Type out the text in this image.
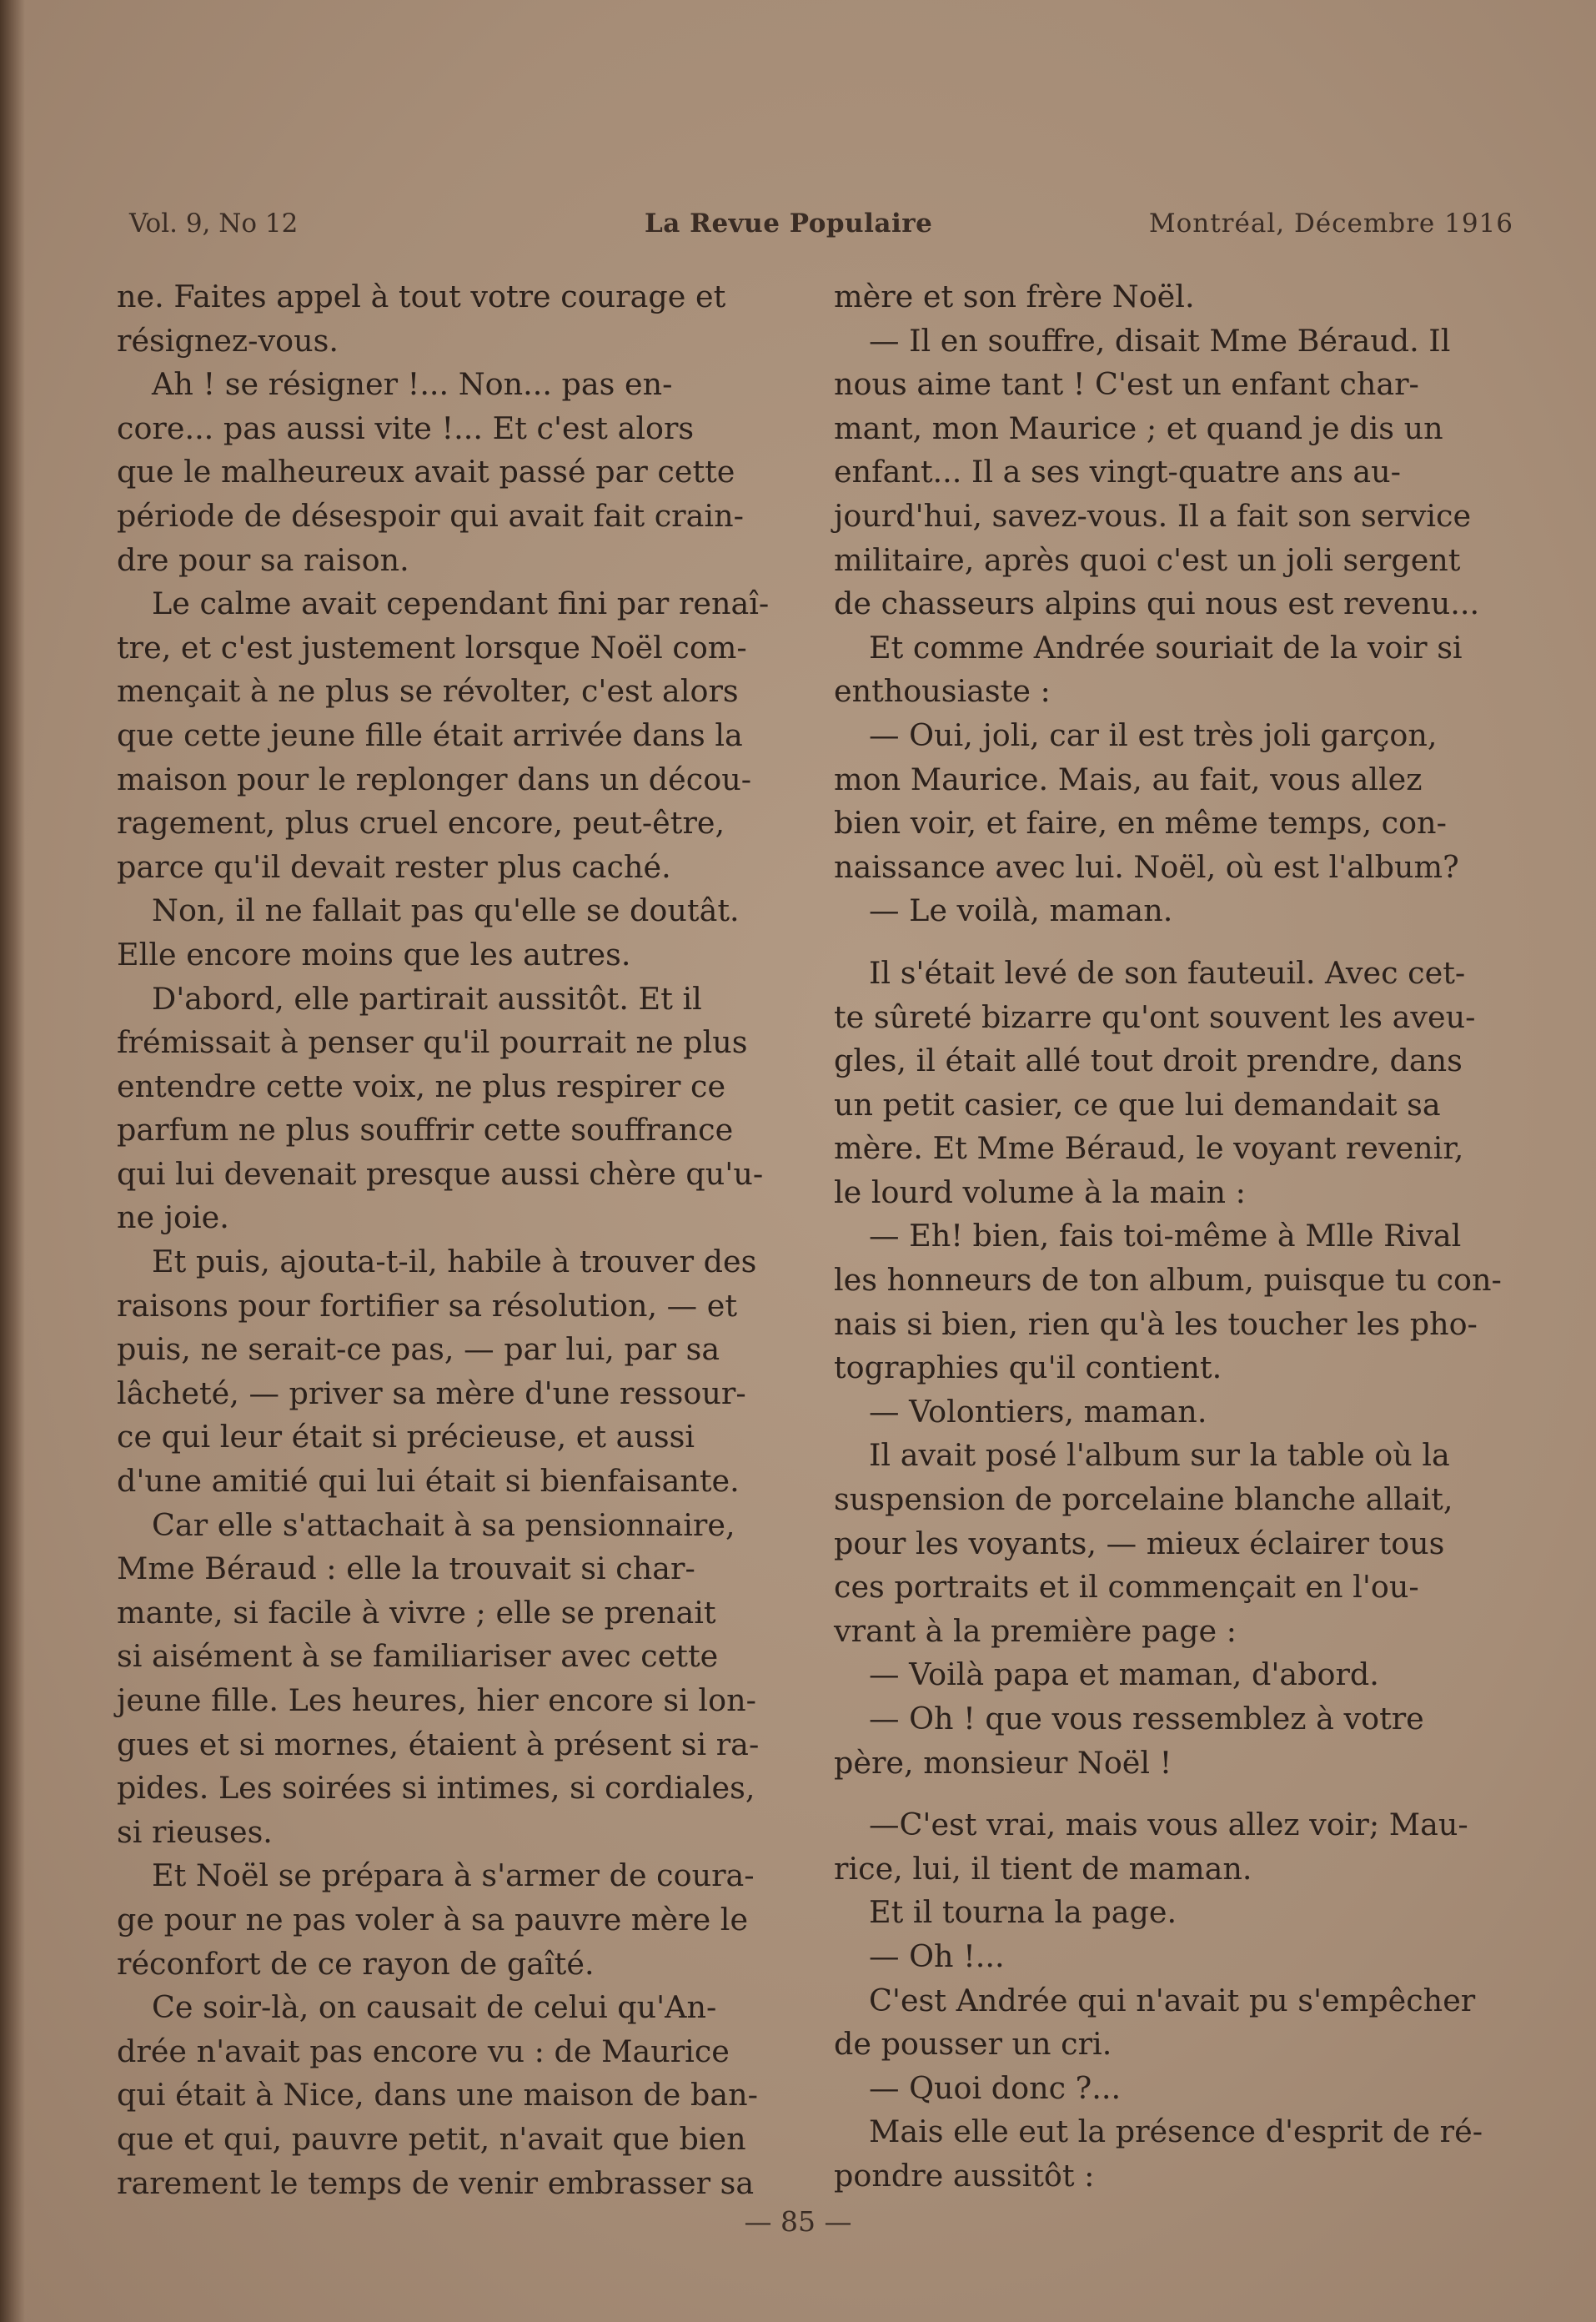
Vol. 9, No 12	La Revue Populaire	Montréal, Décembre 1916
ne. Faites appel à tout votre courage et
résignez-vous.
Ah ! se résigner !... Non... pas en-
core... pas aussi vite !... Et c'est alors
que le malheureux avait passé par cette
période de désespoir qui avait fait crain-
dre pour sa raison.
Le calme avait cependant fini par renaî-
tre, et c'est justement lorsque Noël com-
mençait à ne plus se révolter, c'est alors
que cette jeune fille était arrivée dans la
maison pour le replonger dans un décou-
ragement, plus cruel encore, peut-être,
parce qu'il devait rester plus caché.
Non, il ne fallait pas qu'elle se doutât.
Elle encore moins que les autres.
D'abord, elle partirait aussitôt. Et il
frémissait à penser qu'il pourrait ne plus
entendre cette voix, ne plus respirer ce
parfum ne plus souffrir cette souffrance
qui lui devenait presque aussi chère qu'u-
ne joie.
Et puis, ajouta-t-il, habile à trouver des
raisons pour fortifier sa résolution, — et
puis, ne serait-ce pas, — par lui, par sa
lâcheté, — priver sa mère d'une ressour-
ce qui leur était si précieuse, et aussi
d'une amitié qui lui était si bienfaisante.
Car elle s'attachait à sa pensionnaire,
Mme Béraud : elle la trouvait si char-
mante, si facile à vivre ; elle se prenait
si aisément à se familiariser avec cette
jeune fille. Les heures, hier encore si lon-
gues et si mornes, étaient à présent si ra-
pides. Les soirées si intimes, si cordiales,
si rieuses.
Et Noël se prépara à s'armer de coura-
ge pour ne pas voler à sa pauvre mère le
réconfort de ce rayon de gaîté.
Ce soir-là, on causait de celui qu'An-
drée n'avait pas encore vu : de Maurice
qui était à Nice, dans une maison de ban-
que et qui, pauvre petit, n'avait que bien
rarement le temps de venir embrasser sa
mère et son frère Noël.
— Il en souffre, disait Mme Béraud. Il
nous aime tant ! C'est un enfant char-
mant, mon Maurice ; et quand je dis un
enfant... Il a ses vingt-quatre ans au-
jourd'hui, savez-vous. Il a fait son service
militaire, après quoi c'est un joli sergent
de chasseurs alpins qui nous est revenu...
Et comme Andrée souriait de la voir si
enthousiaste :
— Oui, joli, car il est très joli garçon,
mon Maurice. Mais, au fait, vous allez
bien voir, et faire, en même temps, con-
naissance avec lui. Noël, où est l'album?
— Le voilà, maman.
Il s'était levé de son fauteuil. Avec cet-
te sûreté bizarre qu'ont souvent les aveu-
gles, il était allé tout droit prendre, dans
un petit casier, ce que lui demandait sa
mère. Et Mme Béraud, le voyant revenir,
le lourd volume à la main :
— Eh! bien, fais toi-même à Mlle Rival
les honneurs de ton album, puisque tu con-
nais si bien, rien qu'à les toucher les pho-
tographies qu'il contient.
— Volontiers, maman.
Il avait posé l'album sur la table où la
suspension de porcelaine blanche allait,
pour les voyants, — mieux éclairer tous
ces portraits et il commençait en l'ou-
vrant à la première page :
— Voilà papa et maman, d'abord.
— Oh ! que vous ressemblez à votre
père, monsieur Noël !
—C'est vrai, mais vous allez voir; Mau-
rice, lui, il tient de maman.
Et il tourna la page.
— Oh !...
C'est Andrée qui n'avait pu s'empêcher
de pousser un cri.
— Quoi donc ?...
Mais elle eut la présence d'esprit de ré-
pondre aussitôt :
— 85 —
